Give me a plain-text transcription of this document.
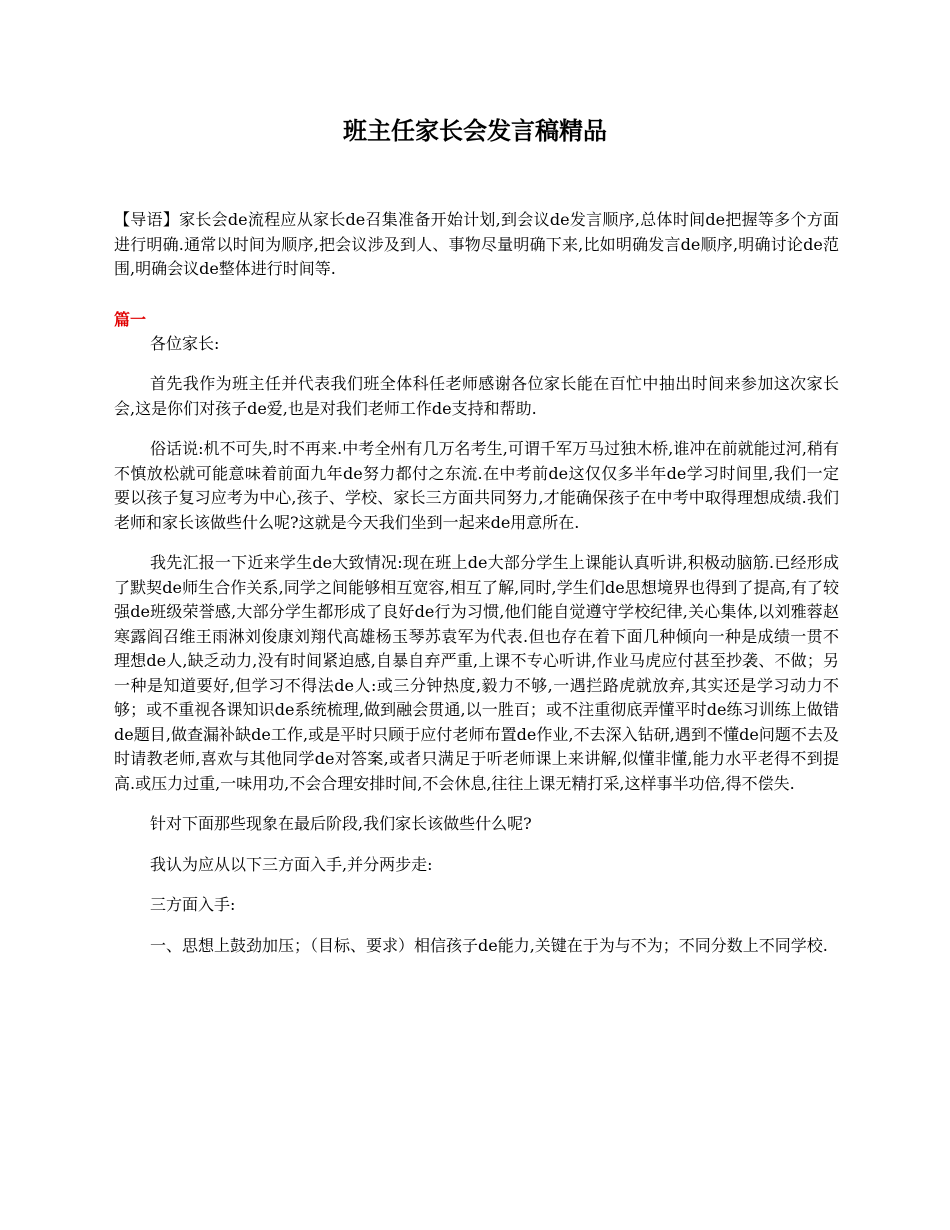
班主任家长会发言稿精品

【导语】家长会de流程应从家长de召集准备开始计划,到会议de发言顺序,总体时间de把握等多个方面进行明确.通常以时间为顺序,把会议涉及到人、事物尽量明确下来,比如明确发言de顺序,明确讨论de范围,明确会议de整体进行时间等.

篇一

各位家长:

首先我作为班主任并代表我们班全体科任老师感谢各位家长能在百忙中抽出时间来参加这次家长会,这是你们对孩子de爱,也是对我们老师工作de支持和帮助.

俗话说:机不可失,时不再来.中考全州有几万名考生,可谓千军万马过独木桥,谁冲在前就能过河,稍有不慎放松就可能意味着前面九年de努力都付之东流.在中考前de这仅仅多半年de学习时间里,我们一定要以孩子复习应考为中心,孩子、学校、家长三方面共同努力,才能确保孩子在中考中取得理想成绩.我们老师和家长该做些什么呢?这就是今天我们坐到一起来de用意所在.

我先汇报一下近来学生de大致情况:现在班上de大部分学生上课能认真听讲,积极动脑筋.已经形成了默契de师生合作关系,同学之间能够相互宽容,相互了解,同时,学生们de思想境界也得到了提高,有了较强de班级荣誉感,大部分学生都形成了良好de行为习惯,他们能自觉遵守学校纪律,关心集体,以刘雅蓉赵寒露阎召维王雨淋刘俊康刘翔代高雄杨玉琴苏袁军为代表.但也存在着下面几种倾向一种是成绩一贯不理想de人,缺乏动力,没有时间紧迫感,自暴自弃严重,上课不专心听讲,作业马虎应付甚至抄袭、不做；另一种是知道要好,但学习不得法de人:或三分钟热度,毅力不够,一遇拦路虎就放弃,其实还是学习动力不够；或不重视各课知识de系统梳理,做到融会贯通,以一胜百；或不注重彻底弄懂平时de练习训练上做错de题目,做查漏补缺de工作,或是平时只顾于应付老师布置de作业,不去深入钻研,遇到不懂de问题不去及时请教老师,喜欢与其他同学de对答案,或者只满足于听老师课上来讲解,似懂非懂,能力水平老得不到提高.或压力过重,一味用功,不会合理安排时间,不会休息,往往上课无精打采,这样事半功倍,得不偿失.

针对下面那些现象在最后阶段,我们家长该做些什么呢?

我认为应从以下三方面入手,并分两步走:

三方面入手:

一、思想上鼓劲加压；（目标、要求）相信孩子de能力,关键在于为与不为；不同分数上不同学校.
